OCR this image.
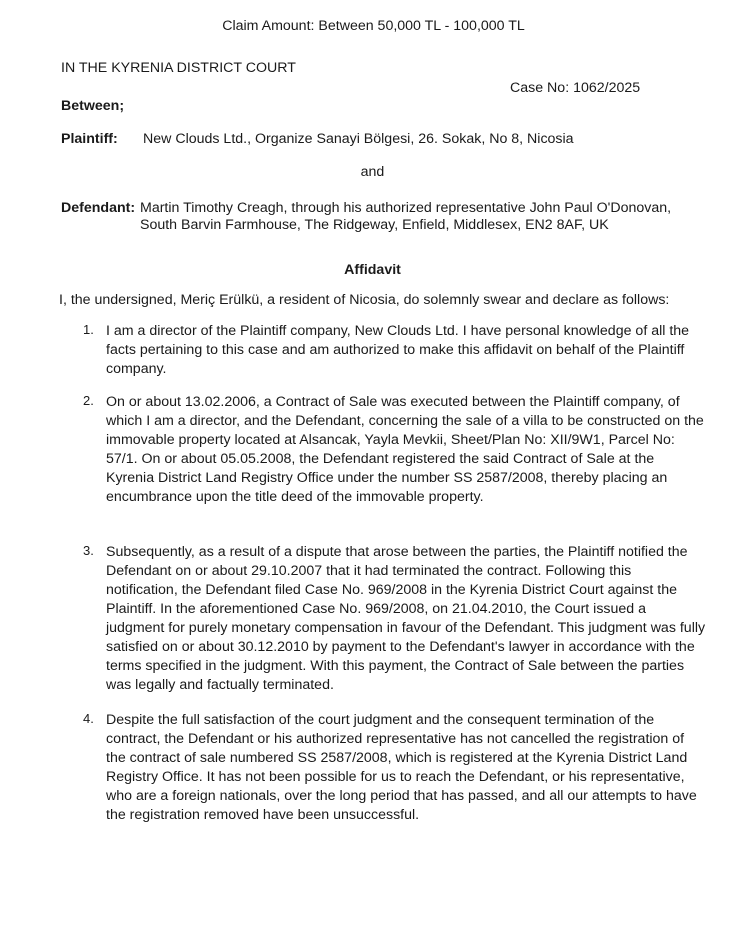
Claim Amount: Between 50,000 TL - 100,000 TL
IN THE KYRENIA DISTRICT COURT
Case No: 1062/2025
Between;
Plaintiff: New Clouds Ltd., Organize Sanayi Bölgesi, 26. Sokak, No 8, Nicosia
and
Defendant: Martin Timothy Creagh, through his authorized representative John Paul O'Donovan,
South Barvin Farmhouse, The Ridgeway, Enfield, Middlesex, EN2 8AF, UK
Affidavit
I, the undersigned, Meriç Erülkü, a resident of Nicosia, do solemnly swear and declare as follows:
1. I am a director of the Plaintiff company, New Clouds Ltd. I have personal knowledge of all the facts pertaining to this case and am authorized to make this affidavit on behalf of the Plaintiff company.
2. On or about 13.02.2006, a Contract of Sale was executed between the Plaintiff company, of which I am a director, and the Defendant, concerning the sale of a villa to be constructed on the immovable property located at Alsancak, Yayla Mevkii, Sheet/Plan No: XII/9W1, Parcel No: 57/1. On or about 05.05.2008, the Defendant registered the said Contract of Sale at the Kyrenia District Land Registry Office under the number SS 2587/2008, thereby placing an encumbrance upon the title deed of the immovable property.
3. Subsequently, as a result of a dispute that arose between the parties, the Plaintiff notified the Defendant on or about 29.10.2007 that it had terminated the contract. Following this notification, the Defendant filed Case No. 969/2008 in the Kyrenia District Court against the Plaintiff. In the aforementioned Case No. 969/2008, on 21.04.2010, the Court issued a judgment for purely monetary compensation in favour of the Defendant. This judgment was fully satisfied on or about 30.12.2010 by payment to the Defendant's lawyer in accordance with the terms specified in the judgment. With this payment, the Contract of Sale between the parties was legally and factually terminated.
4. Despite the full satisfaction of the court judgment and the consequent termination of the contract, the Defendant or his authorized representative has not cancelled the registration of the contract of sale numbered SS 2587/2008, which is registered at the Kyrenia District Land Registry Office. It has not been possible for us to reach the Defendant, or his representative, who are a foreign nationals, over the long period that has passed, and all our attempts to have the registration removed have been unsuccessful.
